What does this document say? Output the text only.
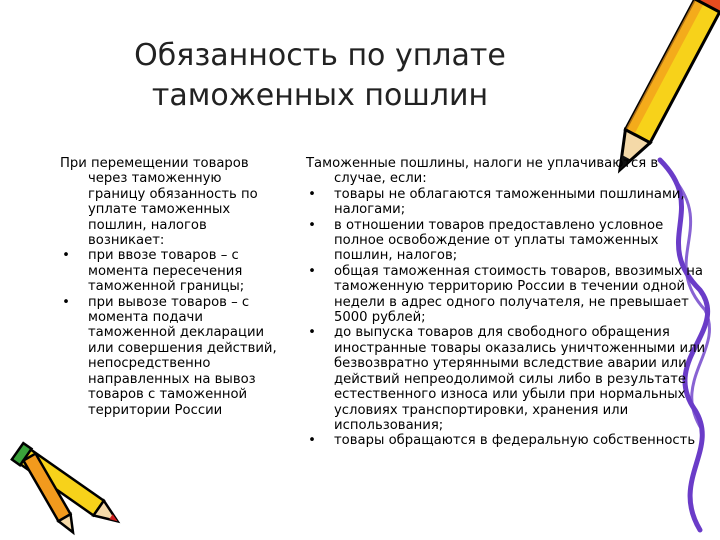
Обязанность по уплате
таможенных пошлин
При перемещении товаров через таможенную границу обязанность по уплате таможенных пошлин, налогов возникает:
• при ввозе товаров – с момента пересечения таможенной границы;
• при вывозе товаров – с момента подачи таможенной декларации или совершения действий, непосредственно направленных на вывоз товаров с таможенной территории России
Таможенные пошлины, налоги не уплачиваются в случае, если:
• товары не облагаются таможенными пошлинами, налогами;
• в отношении товаров предоставлено условное полное освобождение от уплаты таможенных пошлин, налогов;
• общая таможенная стоимость товаров, ввозимых на таможенную территорию России в течении одной недели в адрес одного получателя, не превышает 5000 рублей;
• до выпуска товаров для свободного обращения иностранные товары оказались уничтоженными или безвозвратно утерянными вследствие аварии или действий непреодолимой силы либо в результате естественного износа или убыли при нормальных условиях транспортировки, хранения или использования;
• товары обращаются в федеральную собственность
